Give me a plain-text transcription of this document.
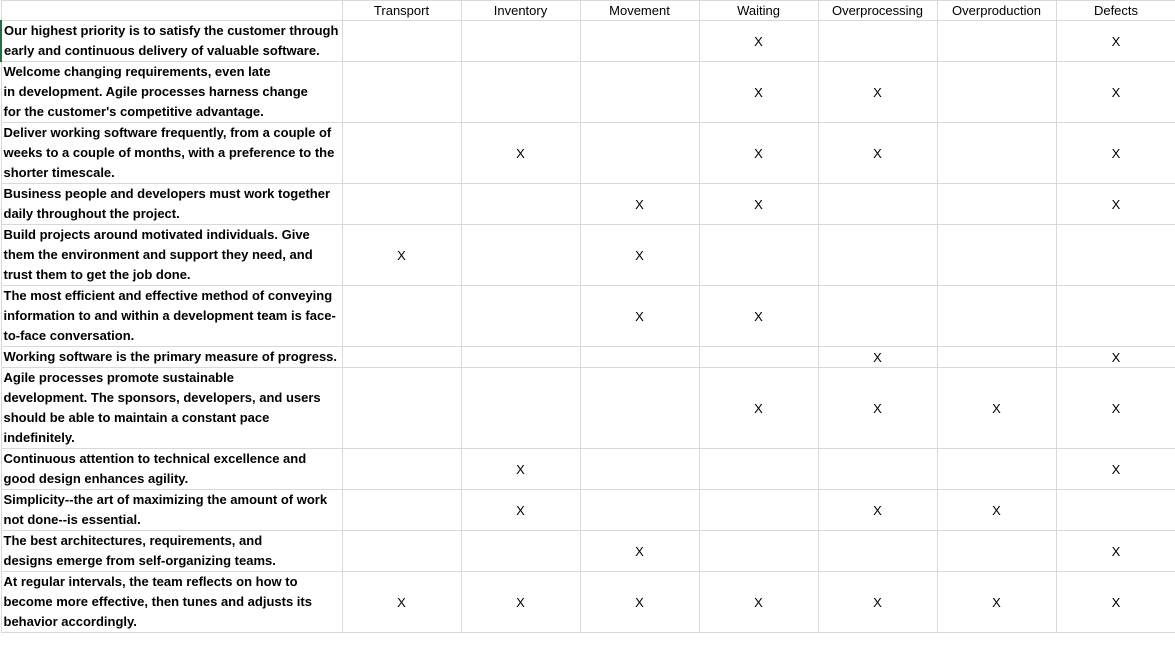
	Transport	Inventory	Movement	Waiting	Overprocessing	Overproduction	Defects

Our highest priority is to satisfy the customer through
early and continuous delivery of valuable software.				X			X

Welcome changing requirements, even late
in development. Agile processes harness change
for the customer's competitive advantage.				X	X		X

Deliver working software frequently, from a couple of
weeks to a couple of months, with a preference to the
shorter timescale.		X		X	X		X

Business people and developers must work together
daily throughout the project.			X	X			X

Build projects around motivated individuals. Give
them the environment and support they need, and
trust them to get the job done.	X		X				

The most efficient and effective method of conveying
information to and within a development team is face-
to-face conversation.			X	X			

Working software is the primary measure of progress.					X		X

Agile processes promote sustainable
development. The sponsors, developers, and users
should be able to maintain a constant pace
indefinitely.				X	X	X	X

Continuous attention to technical excellence and
good design enhances agility.		X					X

Simplicity--the art of maximizing the amount of work
not done--is essential.		X			X	X	

The best architectures, requirements, and
designs emerge from self-organizing teams.			X				X

At regular intervals, the team reflects on how to
become more effective, then tunes and adjusts its
behavior accordingly.	X	X	X	X	X	X	X
